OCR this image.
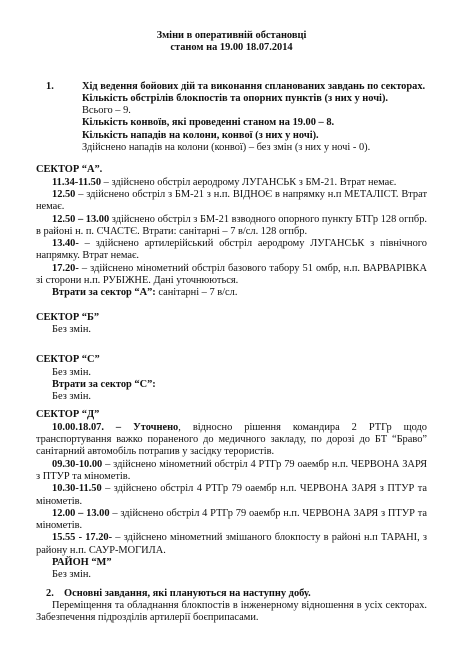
Зміни в оперативній обстановці

станом на 19.00 18.07.2014

1.	Хід ведення бойових дій та виконання спланованих завдань по секторах.

Кількість обстрілів блокпостів та опорних пунктів (з них у ночі).

Всього – 9.

Кількість конвоїв, які проведенні станом на 19.00 – 8.

Кількість нападів на колони, конвої (з них у ночі).

Здійснено нападів на колони (конвої) – без змін (з них у ночі - 0).

СЕКТОР “А”.

11.34-11.50 – здійснено обстріл аеродрому ЛУГАНСЬК з БМ-21. Втрат немає.

12.50 – здійснено обстріл з БМ-21 з н.п. ВІДНОЄ в напрямку н.п МЕТАЛІСТ. Втрат немає.

12.50 – 13.00 здійснено обстріл з БМ-21 взводного опорного пункту БТГр 128 огпбр. в районі н. п. СЧАСТЄ. Втрати: санітарні – 7 в/сл. 128 огпбр.

13.40- – здійснено артилерійський обстріл аеродрому ЛУГАНСЬК з північного напрямку. Втрат немає.

17.20- – здійснено мінометний обстріл базового табору 51 омбр, н.п. ВАРВАРІВКА зі сторони н.п. РУБІЖНЕ. Дані уточнюються.

Втрати за сектор “А”: санітарні – 7 в/сл.

СЕКТОР “Б”

Без змін.

СЕКТОР “С”

Без змін.

Втрати за сектор “С”:

Без змін.

СЕКТОР “Д”

10.00.18.07. – Уточнено, відносно рішення командира 2 РТГр щодо транспортування важко пораненого до медичного закладу, по дорозі до БТ “Браво” санітарний автомобіль потрапив у засідку терористів.

09.30-10.00 – здійснено мінометний обстріл 4 РТГр 79 оаембр н.п. ЧЕРВОНА ЗАРЯ з ПТУР та мінометів.

10.30-11.50 – здійснено обстріл 4 РТГр 79 оаембр н.п. ЧЕРВОНА ЗАРЯ з ПТУР та мінометів.

12.00 – 13.00 – здійснено обстріл 4 РТГр 79 оаембр н.п. ЧЕРВОНА ЗАРЯ з ПТУР та мінометів.

15.55 - 17.20- – здійснено мінометний змішаного блокпосту в районі н.п ТАРАНІ, з району н.п. САУР-МОГИЛА.

РАЙОН “М”

Без змін.

2. Основні завдання, які плануються на наступну добу.

Переміщення та обладнання блокпостів в інженерному відношення в усіх секторах. Забезпечення підрозділів артилерії боєприпасами.
